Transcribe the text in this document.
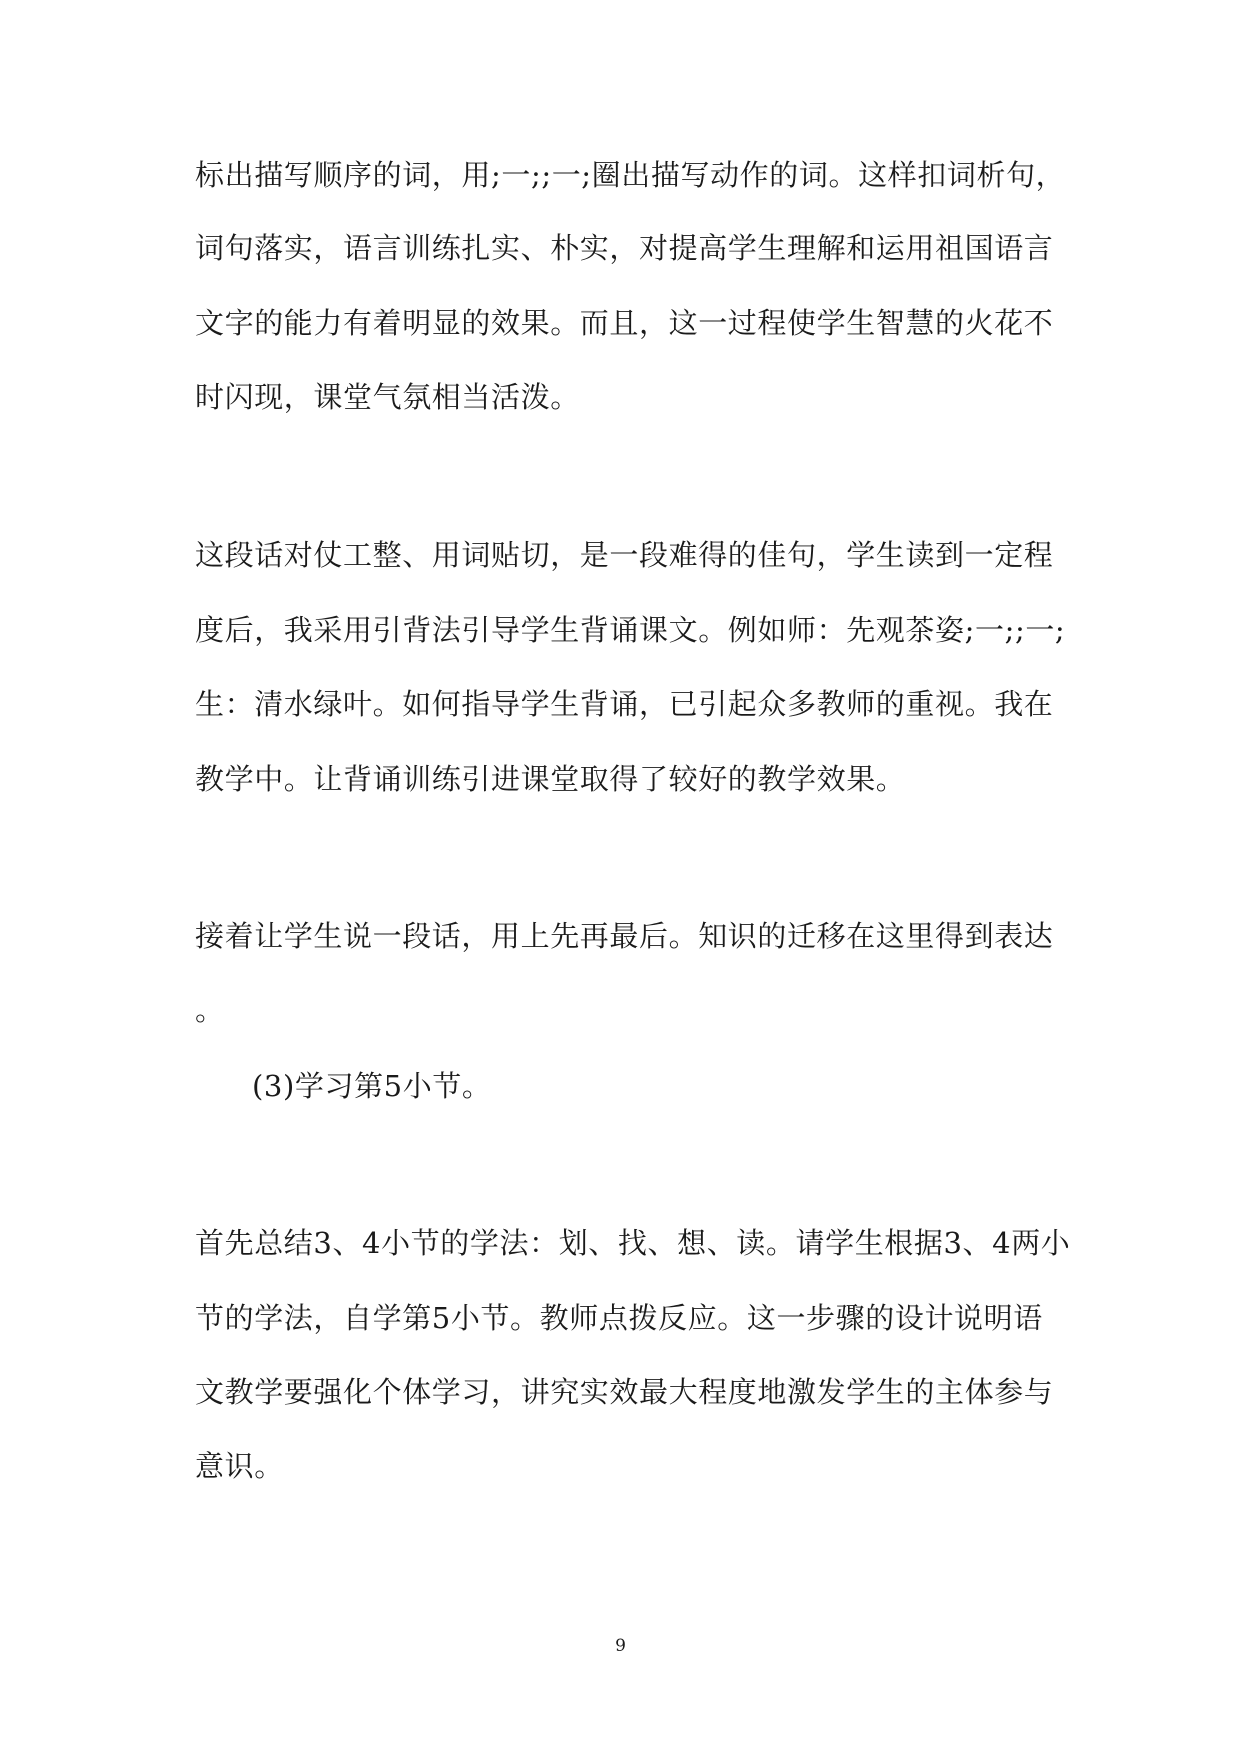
标出描写顺序的词，用;一;;一;圈出描写动作的词。这样扣词析句，
词句落实，语言训练扎实、朴实，对提高学生理解和运用祖国语言
文字的能力有着明显的效果。而且，这一过程使学生智慧的火花不
时闪现，课堂气氛相当活泼。
这段话对仗工整、用词贴切，是一段难得的佳句，学生读到一定程
度后，我采用引背法引导学生背诵课文。例如师：先观茶姿;一;;一;
生：清水绿叶。如何指导学生背诵，已引起众多教师的重视。我在
教学中。让背诵训练引进课堂取得了较好的教学效果。
接着让学生说一段话，用上先再最后。知识的迁移在这里得到表达
。
(3)学习第5小节。
首先总结3、4小节的学法：划、找、想、读。请学生根据3、4两小
节的学法，自学第5小节。教师点拨反应。这一步骤的设计说明语
文教学要强化个体学习，讲究实效最大程度地激发学生的主体参与
意识。
9
